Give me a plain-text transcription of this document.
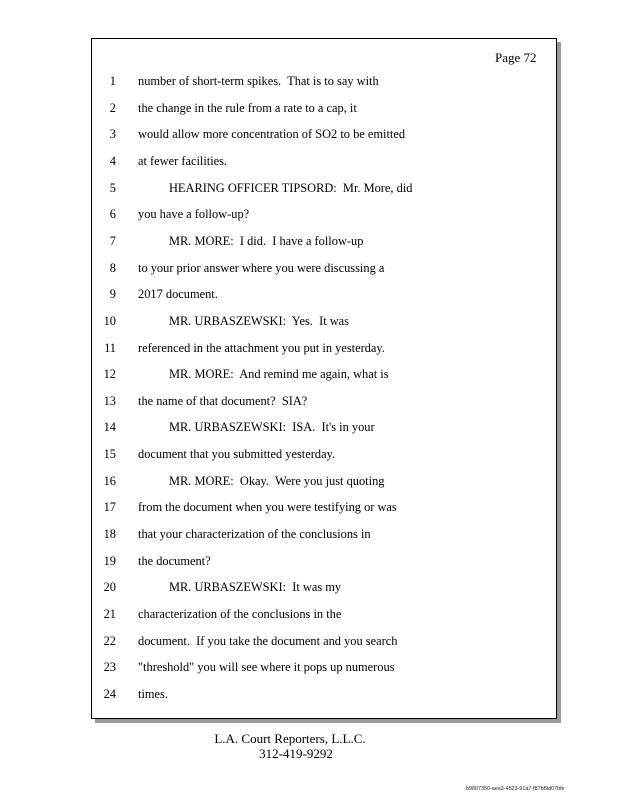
Page 72
1 number of short-term spikes.  That is to say with
2 the change in the rule from a rate to a cap, it
3 would allow more concentration of SO2 to be emitted
4 at fewer facilities.
5 HEARING OFFICER TIPSORD:  Mr. More, did
6 you have a follow-up?
7 MR. MORE:  I did.  I have a follow-up
8 to your prior answer where you were discussing a
9 2017 document.
10 MR. URBASZEWSKI:  Yes.  It was
11 referenced in the attachment you put in yesterday.
12 MR. MORE:  And remind me again, what is
13 the name of that document?  SIA?
14 MR. URBASZEWSKI:  ISA.  It's in your
15 document that you submitted yesterday.
16 MR. MORE:  Okay.  Were you just quoting
17 from the document when you were testifying or was
18 that your characterization of the conclusions in
19 the document?
20 MR. URBASZEWSKI:  It was my
21 characterization of the conclusions in the
22 document.  If you take the document and you search
23 "threshold" you will see where it pops up numerous
24 times.
L.A. Court Reporters, L.L.C.
312-419-9292
b9807350-aea3-4523-91a7-f87bf9d07bfe
